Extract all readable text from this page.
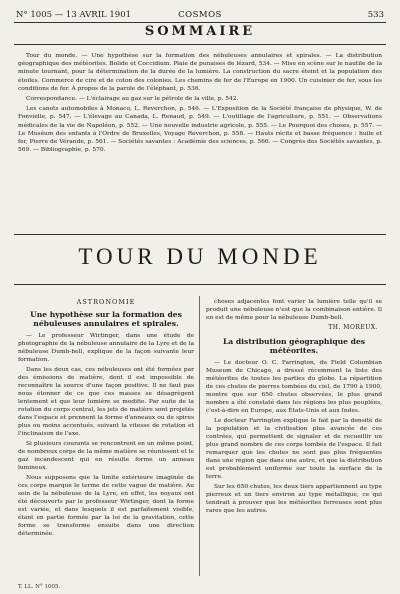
N° 1005 — 13 AVRIL 1901	COSMOS	533
SOMMAIRE

Tour du monde. — Une hypothèse sur la formation des nébuleuses annulaires et spirales. — La distribution géographique des météorites. Bolide et Coccidium. Plaie de punaises de lézard, 534. — Mise en scène sur le nautile de la minute tournant, pour la détermination de la durée de la lumière. La construction du sacre éteint et la population des étoiles. Commerce de cire et de coton des colonies. Les chemins de fer de l'Europe en 1900. Un cuisinier de fer, sous les conditions de fer. À propos de la parole de l'éléphant, p. 536.

Correspondance. — L'éclairage au gaz sur le pétrole de la ville, p. 542.

Les canots automobiles à Monaco, L. Reverchon, p. 546. — L'Exposition de la Société française de physique, W. de Fonvielle, p. 547. — L'élevage au Canada, L. Renaud, p. 549. — L'outillage de l'agriculture, p. 551. — Observations médicales de la vie de Napoléon, p. 552. — Une nouvelle industrie agricole, p. 555. — Le Pourquoi des choses, p. 557. — Le Muséum des enfants à l'Ordre de Bruxelles, Voyage Reverchon, p. 558. — Hauts récits et basse fréquence : huile et fer, Pierre de Vérande, p. 561. — Sociétés savantes : Académie des sciences, p. 566. — Congrès des Sociétés savantes, p. 569. — Bibliographie, p. 570.

TOUR DU MONDE
ASTRONOMIE
Une hypothèse sur la formation des nébuleuses annulaires et spirales.

— Le professeur Wirtinger, dans une étude de photographie de la nébuleuse annulaire de la Lyre et de la nébuleuse Dumb-bell, explique de la façon suivante leur formation.

Dans les deux cas, ces nébuleuses ont été formées par des émissions de matière, dont il est impossible de reconnaître la source d'une façon positive. Il ne faut pas nous étonner de ce que ces masses se désagrègent lentement et que leur lumière se modifie. Par suite de la rotation du corps central, les jets de matière sont projetés dans l'espace et prennent la forme d'anneaux ou de spires plus ou moins accentués, suivant la vitesse de rotation et l'inclinaison de l'axe.

Si plusieurs courants se rencontrent en un même point, de nombreux corps de la même matière se réunissent et le gaz incandescent qui en résulte forme un anneau lumineux.

Nous supposons que la limite extérieure imaginée de ces corps marque le terme de cette vague de matière. Au sein de la nébuleuse de la Lyre, en effet, les noyaux ont été découverts par le professeur Wirtinger, dont la forme est variée, et dans lesquels il est parfaitement visible, étant en partie formée par la loi de la gravitation, cette forme se transforme ensuite dans une direction déterminée.

choses adjacentes font varier la lumière telle qu'il se produit une nébuleuse n'est que la combinaison entière. Il en est de même pour la nébuleuse Dumb-bell.

TH. MOREUX.
La distribution géographique des météorites.

— Le docteur O. C. Farrington, du Field Columbian Museum de Chicago, a dressé récemment la liste des météorites de toutes les parties du globe. La répartition de ces chutes de pierres tombées du ciel, de 1790 à 1900, montre que sur 650 chutes observées, le plus grand nombre a été constaté dans les régions les plus peuplées, c'est-à-dire en Europe, aux États-Unis et aux Indes.

Le docteur Farrington explique le fait par la densité de la population et la civilisation plus avancée de ces contrées, qui permettent de signaler et de recueillir un plus grand nombre de ces corps tombés de l'espace. Il fait remarquer que les chutes ne sont pas plus fréquentes dans une région que dans une autre, et que la distribution est probablement uniforme sur toute la surface de la terre.

Sur les 650 chutes, les deux tiers appartiennent au type pierreux et un tiers environ au type métallique, ce qui tendrait à prouver que les météorites ferreuses sont plus rares que les autres.

T. LL. N° 1005.
